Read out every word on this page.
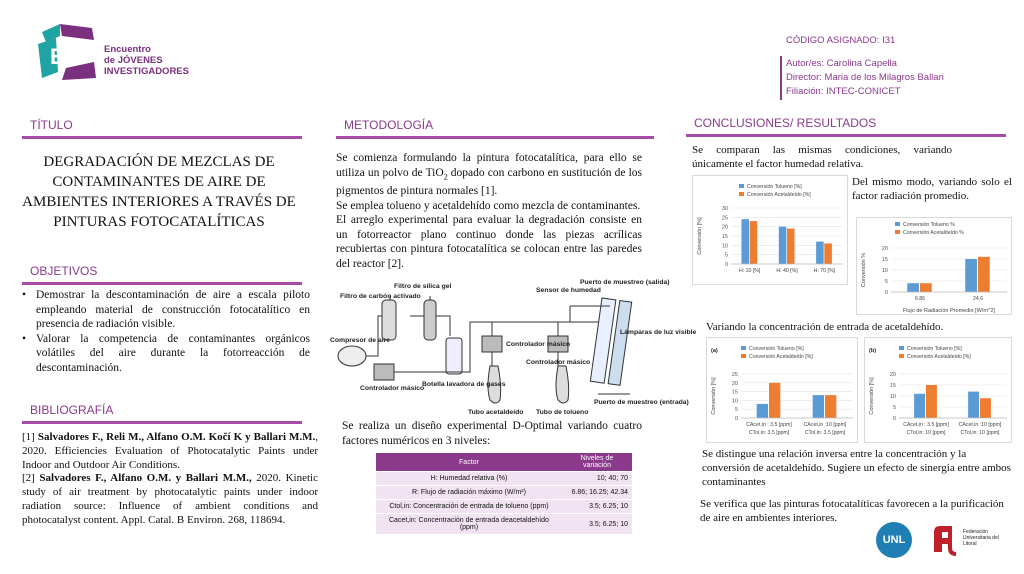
EJI Encuentro
de JÓVENES
INVESTIGADORES
CÓDIGO ASIGNADO: I31
Autor/es: Carolina Capella
Director: Maria de los Milagros Ballari
Filiación: INTEC-CONICET
TÍTULO
DEGRADACIÓN DE MEZCLAS DE CONTAMINANTES DE AIRE DE AMBIENTES INTERIORES A TRAVÉS DE PINTURAS FOTOCATALÍTICAS
OBJETIVOS
• Demostrar la descontaminación de aire a escala piloto empleando material de construcción fotocatalítico en presencia de radiación visible.
• Valorar la competencia de contaminantes orgánicos volátiles del aire durante la fotorreacción de descontaminación.
BIBLIOGRAFÍA

[1] Salvadores F., Reli M., Alfano O.M. Kočí K y Ballari M.M., 2020. Efficiencies Evaluation of Photocatalytic Paints under Indoor and Outdoor Air Conditions.

[2] Salvadores F., Alfano O.M. y Ballari M.M., 2020. Kinetic study of air treatment by photocatalytic paints under indoor radiation source: Influence of ambient conditions and photocatalyst content. Appl. Catal. B Environ. 268, 118694.

METODOLOGÍA

Se comienza formulando la pintura fotocatalítica, para ello se utiliza un polvo de TiO$_2$ dopado con carbono en sustitución de los pigmentos de pintura normales [1].

Se emplea tolueno y acetaldehído como mezcla de contaminantes.

El arreglo experimental para evaluar la degradación consiste en un fotorreactor plano continuo donde las piezas acrílicas recubiertas con pintura fotocatalítica se colocan entre las paredes del reactor [2].

Filtro de carbón activado
Filtro de sílica gel
Compresor de aire
Controlador másico
Botella lavadora de gases
Controlador másico
Controlador másico
Tubo acetaldeído Tubo de tolueno
Sensor de humedad
Puerto de muestreo (salida)
Lámparas de luz visible
Puerto de muestreo (entrada)
Se realiza un diseño experimental D-Optimal variando cuatro factores numéricos en 3 niveles:
Factor	Niveles de variación
H: Humedad relativa (%)	10; 40; 70
R: Flujo de radiación máximo (W/m²)	6.86; 16.25; 42.34
Ctol,in: Concentración de entrada de tolueno (ppm)	3.5; 6.25; 10
Cacet,in: Concentración de entrada deacetaldehído (ppm)	3.5; 6.25; 10
CONCLUSIONES/ RESULTADOS
Se comparan las mismas condiciones, variando únicamente el factor humedad relativa.
Del mismo modo, variando solo el factor radiación promedio.
Variando la concentración de entrada de acetaldehído.
Se distingue una relación inversa entre la concentración y la conversión de acetaldehído. Sugiere un efecto de sinergia entre ambos contaminantes
Se verifica que las pinturas fotocatalíticas favorecen a la purificación de aire en ambientes interiores.
0
5
10
15
20
25
30
Conversión [%]
Conversión Tolueno [%]
Conversión Acetaldeído [%]
H: 10 [%]	H: 40 [%]	H: 70 [%]
0
5
10
15
20
Conversión %
Conversión Tolueno %
Conversión Acetaldeído %
6.86	24.6
Flujo de Radiación Promedio [W/m^2]
0
5
10
15
20
25
Conversión [%]
Conversión Tolueno [%]
Conversión Acetaldeído [%]
(a)
CAcet,in : 3.5 [ppm]
CTol,in: 3.5 [ppm]
CAcet,in :10 [ppm]
CTol,in: 3.5 [ppm]
0
5
10
15
20
Conversión [%]
Conversión Tolueno [%]
Conversión Acetaldeído [%]
(b)
CAcet,in : 3.5 [ppm]
CTol,in: 10 [ppm]
CAcet,in :10 [ppm]
CTol,in: 10 [ppm]
UNL
Federación Universitaria del Litoral
